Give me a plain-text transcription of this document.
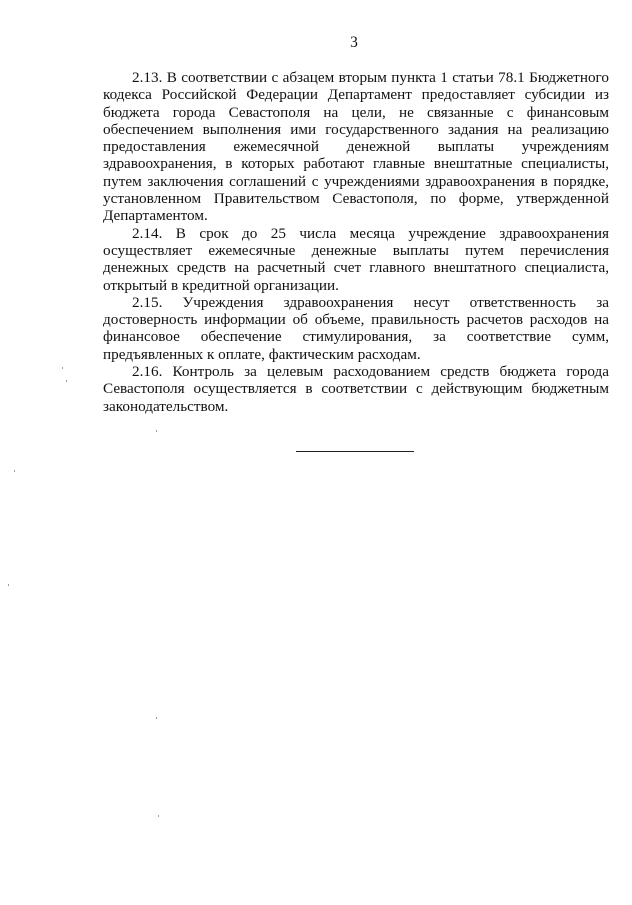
3

2.13. В соответствии с абзацем вторым пункта 1 статьи 78.1 Бюджетного кодекса Российской Федерации Департамент предоставляет субсидии из бюджета города Севастополя на цели, не связанные с финансовым обеспечением выполнения ими государственного задания на реализацию предоставления ежемесячной денежной выплаты учреждениям здравоохранения, в которых работают главные внештатные специалисты, путем заключения соглашений с учреждениями здравоохранения в порядке, установленном Правительством Севастополя, по форме, утвержденной Департаментом.

2.14. В срок до 25 числа месяца учреждение здравоохранения осуществляет ежемесячные денежные выплаты путем перечисления денежных средств на расчетный счет главного внештатного специалиста, открытый в кредитной организации.

2.15. Учреждения здравоохранения несут ответственность за достоверность информации об объеме, правильность расчетов расходов на финансовое обеспечение стимулирования, за соответствие сумм, предъявленных к оплате, фактическим расходам.

2.16. Контроль за целевым расходованием средств бюджета города Севастополя осуществляется в соответствии с действующим бюджетным законодательством.
